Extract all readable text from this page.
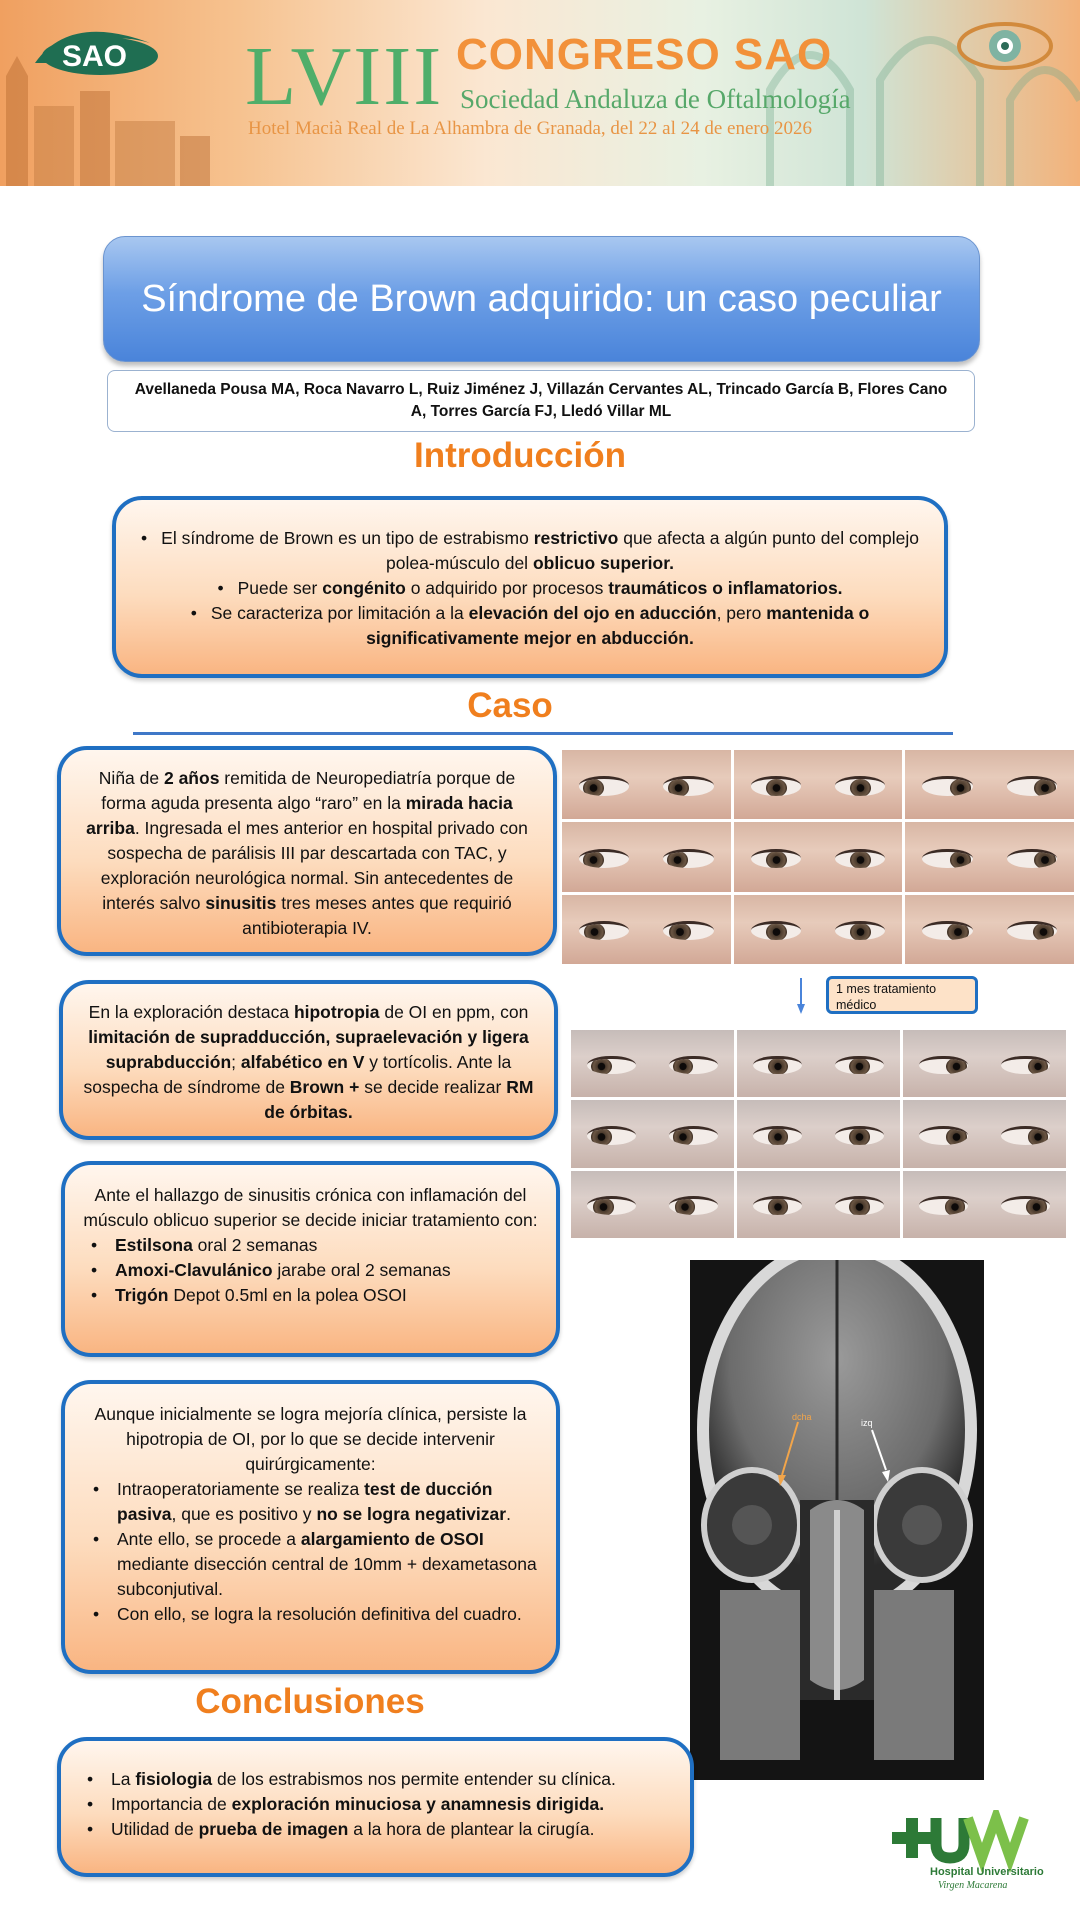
SAO LVIII CONGRESO SAO
Sociedad Andaluza de Oftalmología
Hotel Macià Real de La Alhambra de Granada, del 22 al 24 de enero 2026
Síndrome de Brown adquirido: un caso peculiar
Avellaneda Pousa MA, Roca Navarro L, Ruiz Jiménez J, Villazán Cervantes AL, Trincado García B, Flores Cano
A, Torres García FJ, Lledó Villar ML
Introducción

• El síndrome de Brown es un tipo de estrabismo restrictivo que afecta a algún punto del complejo polea-músculo del oblicuo superior.

• Puede ser congénito o adquirido por procesos traumáticos o inflamatorios.

• Se caracteriza por limitación a la elevación del ojo en aducción, pero mantenida o significativamente mejor en abducción.

Caso
Niña de 2 años remitida de Neuropediatría porque de forma aguda presenta algo “raro” en la mirada hacia arriba. Ingresada el mes anterior en hospital privado con sospecha de parálisis III par descartada con TAC, y exploración neurológica normal. Sin antecedentes de interés salvo sinusitis tres meses antes que requirió antibioterapia IV.
En la exploración destaca hipotropia de OI en ppm, con limitación de supradducción, supraelevación y ligera suprabducción; alfabético en V y tortícolis. Ante la sospecha de síndrome de Brown + se decide realizar RM de órbitas.
Ante el hallazgo de sinusitis crónica con inflamación del músculo oblicuo superior se decide iniciar tratamiento con:
• Estilsona oral 2 semanas
• Amoxi-Clavulánico jarabe oral 2 semanas
• Trigón Depot 0.5ml en la polea OSOI
Aunque inicialmente se logra mejoría clínica, persiste la hipotropia de OI, por lo que se decide intervenir quirúrgicamente:
• Intraoperatoriamente se realiza test de ducción pasiva, que es positivo y no se logra negativizar.
• Ante ello, se procede a alargamiento de OSOI mediante disección central de 10mm + dexametasona subconjutival.
• Con ello, se logra la resolución definitiva del cuadro.
1 mes tratamiento médico
dcha
izq
Conclusiones
• La fisiologia de los estrabismos nos permite entender su clínica.
• Importancia de exploración minuciosa y anamnesis dirigida.
• Utilidad de prueba de imagen a la hora de plantear la cirugía.
Hospital Universitario
Virgen Macarena
